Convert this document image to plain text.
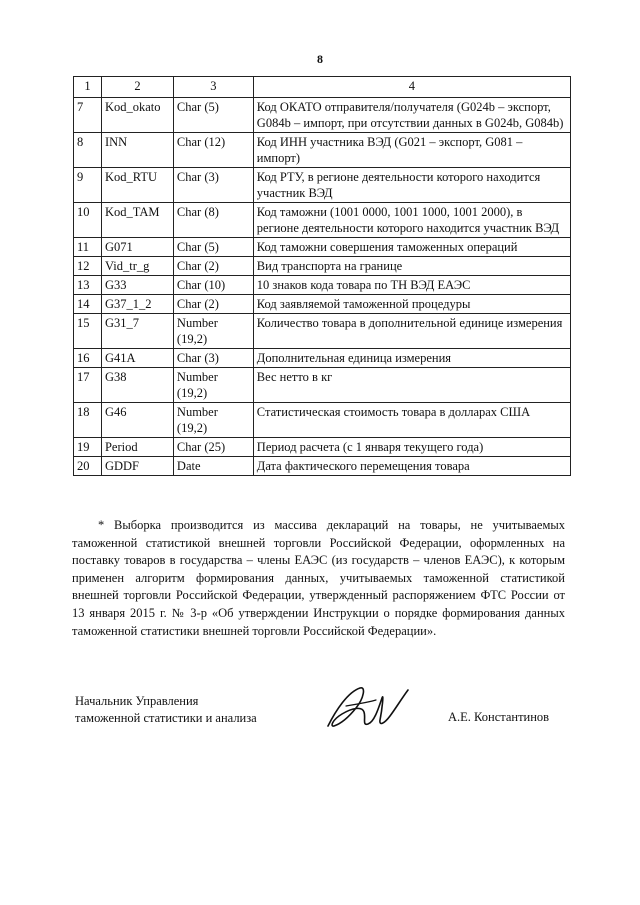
8
1	2	3	4
7	Kod_okato	Char (5)	Код ОКАТО отправителя/получателя (G024b – экспорт, G084b – импорт, при отсутствии данных в G024b, G084b)
8	INN	Char (12)	Код ИНН участника ВЭД (G021 – экспорт, G081 – импорт)
9	Kod_RTU	Char (3)	Код РТУ, в регионе деятельности которого находится участник ВЭД
10	Kod_TAM	Char (8)	Код таможни (1001 0000, 1001 1000, 1001 2000), в регионе деятельности которого находится участник ВЭД
11	G071	Char (5)	Код таможни совершения таможенных операций
12	Vid_tr_g	Char (2)	Вид транспорта на границе
13	G33	Char (10)	10 знаков кода товара по ТН ВЭД ЕАЭС
14	G37_1_2	Char (2)	Код заявляемой таможенной процедуры
15	G31_7	Number (19,2)	Количество товара в дополнительной единице измерения
16	G41A	Char (3)	Дополнительная единица измерения
17	G38	Number (19,2)	Вес нетто в кг
18	G46	Number (19,2)	Статистическая стоимость товара в долларах США
19	Period	Char (25)	Период расчета (с 1 января текущего года)
20	GDDF	Date	Дата фактического перемещения товара
* Выборка производится из массива деклараций на товары, не учитываемых таможенной статистикой внешней торговли Российской Федерации, оформленных на поставку товаров в государства – члены ЕАЭС (из государств – членов ЕАЭС), к которым применен алгоритм формирования данных, учитываемых таможенной статистикой внешней торговли Российской Федерации, утвержденный распоряжением ФТС России от 13 января 2015 г. № 3-р «Об утверждении Инструкции о порядке формирования данных таможенной статистики внешней торговли Российской Федерации».
Начальник Управления
таможенной статистики и анализа	А.Е. Константинов
